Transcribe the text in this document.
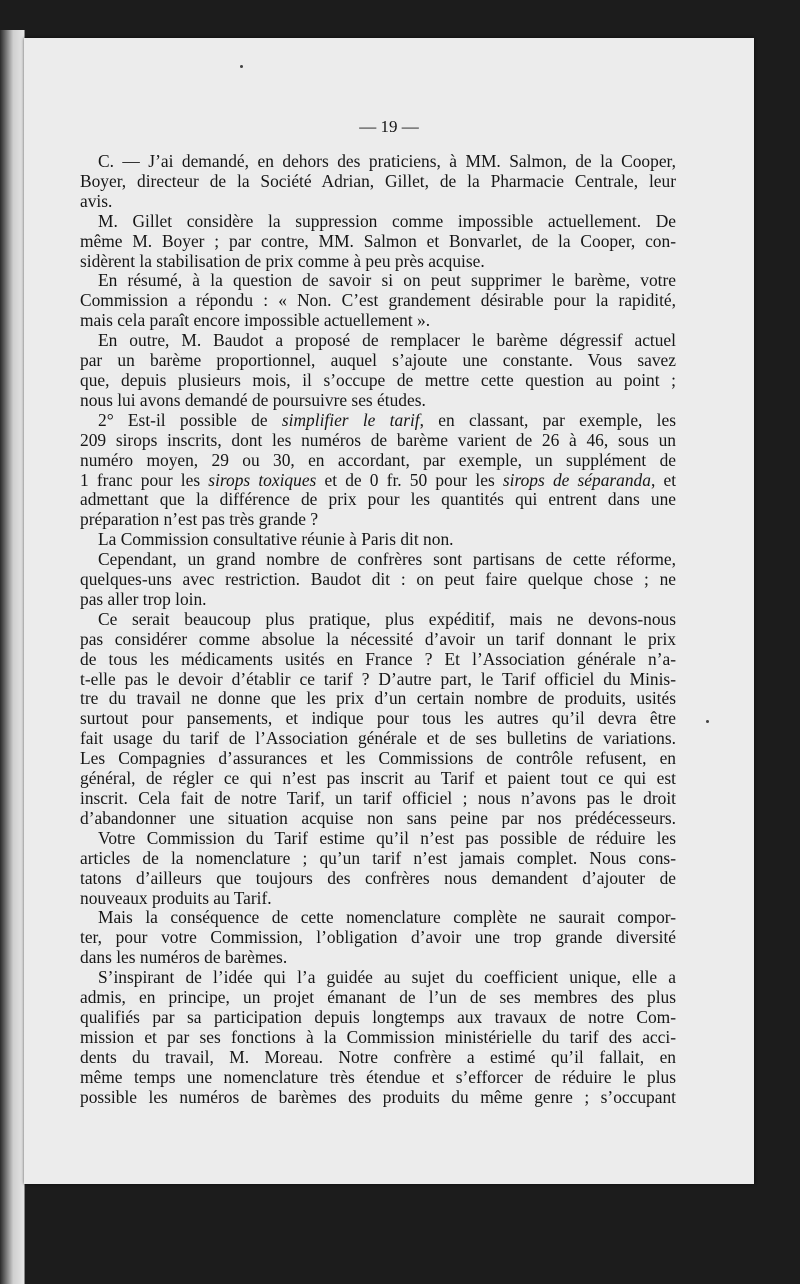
— 19 —
C. — J’ai demandé, en dehors des praticiens, à MM. Salmon, de la Cooper,
Boyer, directeur de la Société Adrian, Gillet, de la Pharmacie Centrale, leur
avis.
M. Gillet considère la suppression comme impossible actuellement. De
même M. Boyer ; par contre, MM. Salmon et Bonvarlet, de la Cooper, con-
sidèrent la stabilisation de prix comme à peu près acquise.
En résumé, à la question de savoir si on peut supprimer le barème, votre
Commission a répondu : « Non. C’est grandement désirable pour la rapidité,
mais cela paraît encore impossible actuellement ».
En outre, M. Baudot a proposé de remplacer le barème dégressif actuel
par un barème proportionnel, auquel s’ajoute une constante. Vous savez
que, depuis plusieurs mois, il s’occupe de mettre cette question au point ;
nous lui avons demandé de poursuivre ses études.
2° Est-il possible de simplifier le tarif, en classant, par exemple, les
209 sirops inscrits, dont les numéros de barème varient de 26 à 46, sous un
numéro moyen, 29 ou 30, en accordant, par exemple, un supplément de
1 franc pour les sirops toxiques et de 0 fr. 50 pour les sirops de séparanda, et
admettant que la différence de prix pour les quantités qui entrent dans une
préparation n’est pas très grande ?
La Commission consultative réunie à Paris dit non.
Cependant, un grand nombre de confrères sont partisans de cette réforme,
quelques-uns avec restriction. Baudot dit : on peut faire quelque chose ; ne
pas aller trop loin.
Ce serait beaucoup plus pratique, plus expéditif, mais ne devons-nous
pas considérer comme absolue la nécessité d’avoir un tarif donnant le prix
de tous les médicaments usités en France ? Et l’Association générale n’a-
t-elle pas le devoir d’établir ce tarif ? D’autre part, le Tarif officiel du Minis-
tre du travail ne donne que les prix d’un certain nombre de produits, usités
surtout pour pansements, et indique pour tous les autres qu’il devra être
fait usage du tarif de l’Association générale et de ses bulletins de variations.
Les Compagnies d’assurances et les Commissions de contrôle refusent, en
général, de régler ce qui n’est pas inscrit au Tarif et paient tout ce qui est
inscrit. Cela fait de notre Tarif, un tarif officiel ; nous n’avons pas le droit
d’abandonner une situation acquise non sans peine par nos prédécesseurs.
Votre Commission du Tarif estime qu’il n’est pas possible de réduire les
articles de la nomenclature ; qu’un tarif n’est jamais complet. Nous cons-
tatons d’ailleurs que toujours des confrères nous demandent d’ajouter de
nouveaux produits au Tarif.
Mais la conséquence de cette nomenclature complète ne saurait compor-
ter, pour votre Commission, l’obligation d’avoir une trop grande diversité
dans les numéros de barèmes.
S’inspirant de l’idée qui l’a guidée au sujet du coefficient unique, elle a
admis, en principe, un projet émanant de l’un de ses membres des plus
qualifiés par sa participation depuis longtemps aux travaux de notre Com-
mission et par ses fonctions à la Commission ministérielle du tarif des acci-
dents du travail, M. Moreau. Notre confrère a estimé qu’il fallait, en
même temps une nomenclature très étendue et s’efforcer de réduire le plus
possible les numéros de barèmes des produits du même genre ; s’occupant
